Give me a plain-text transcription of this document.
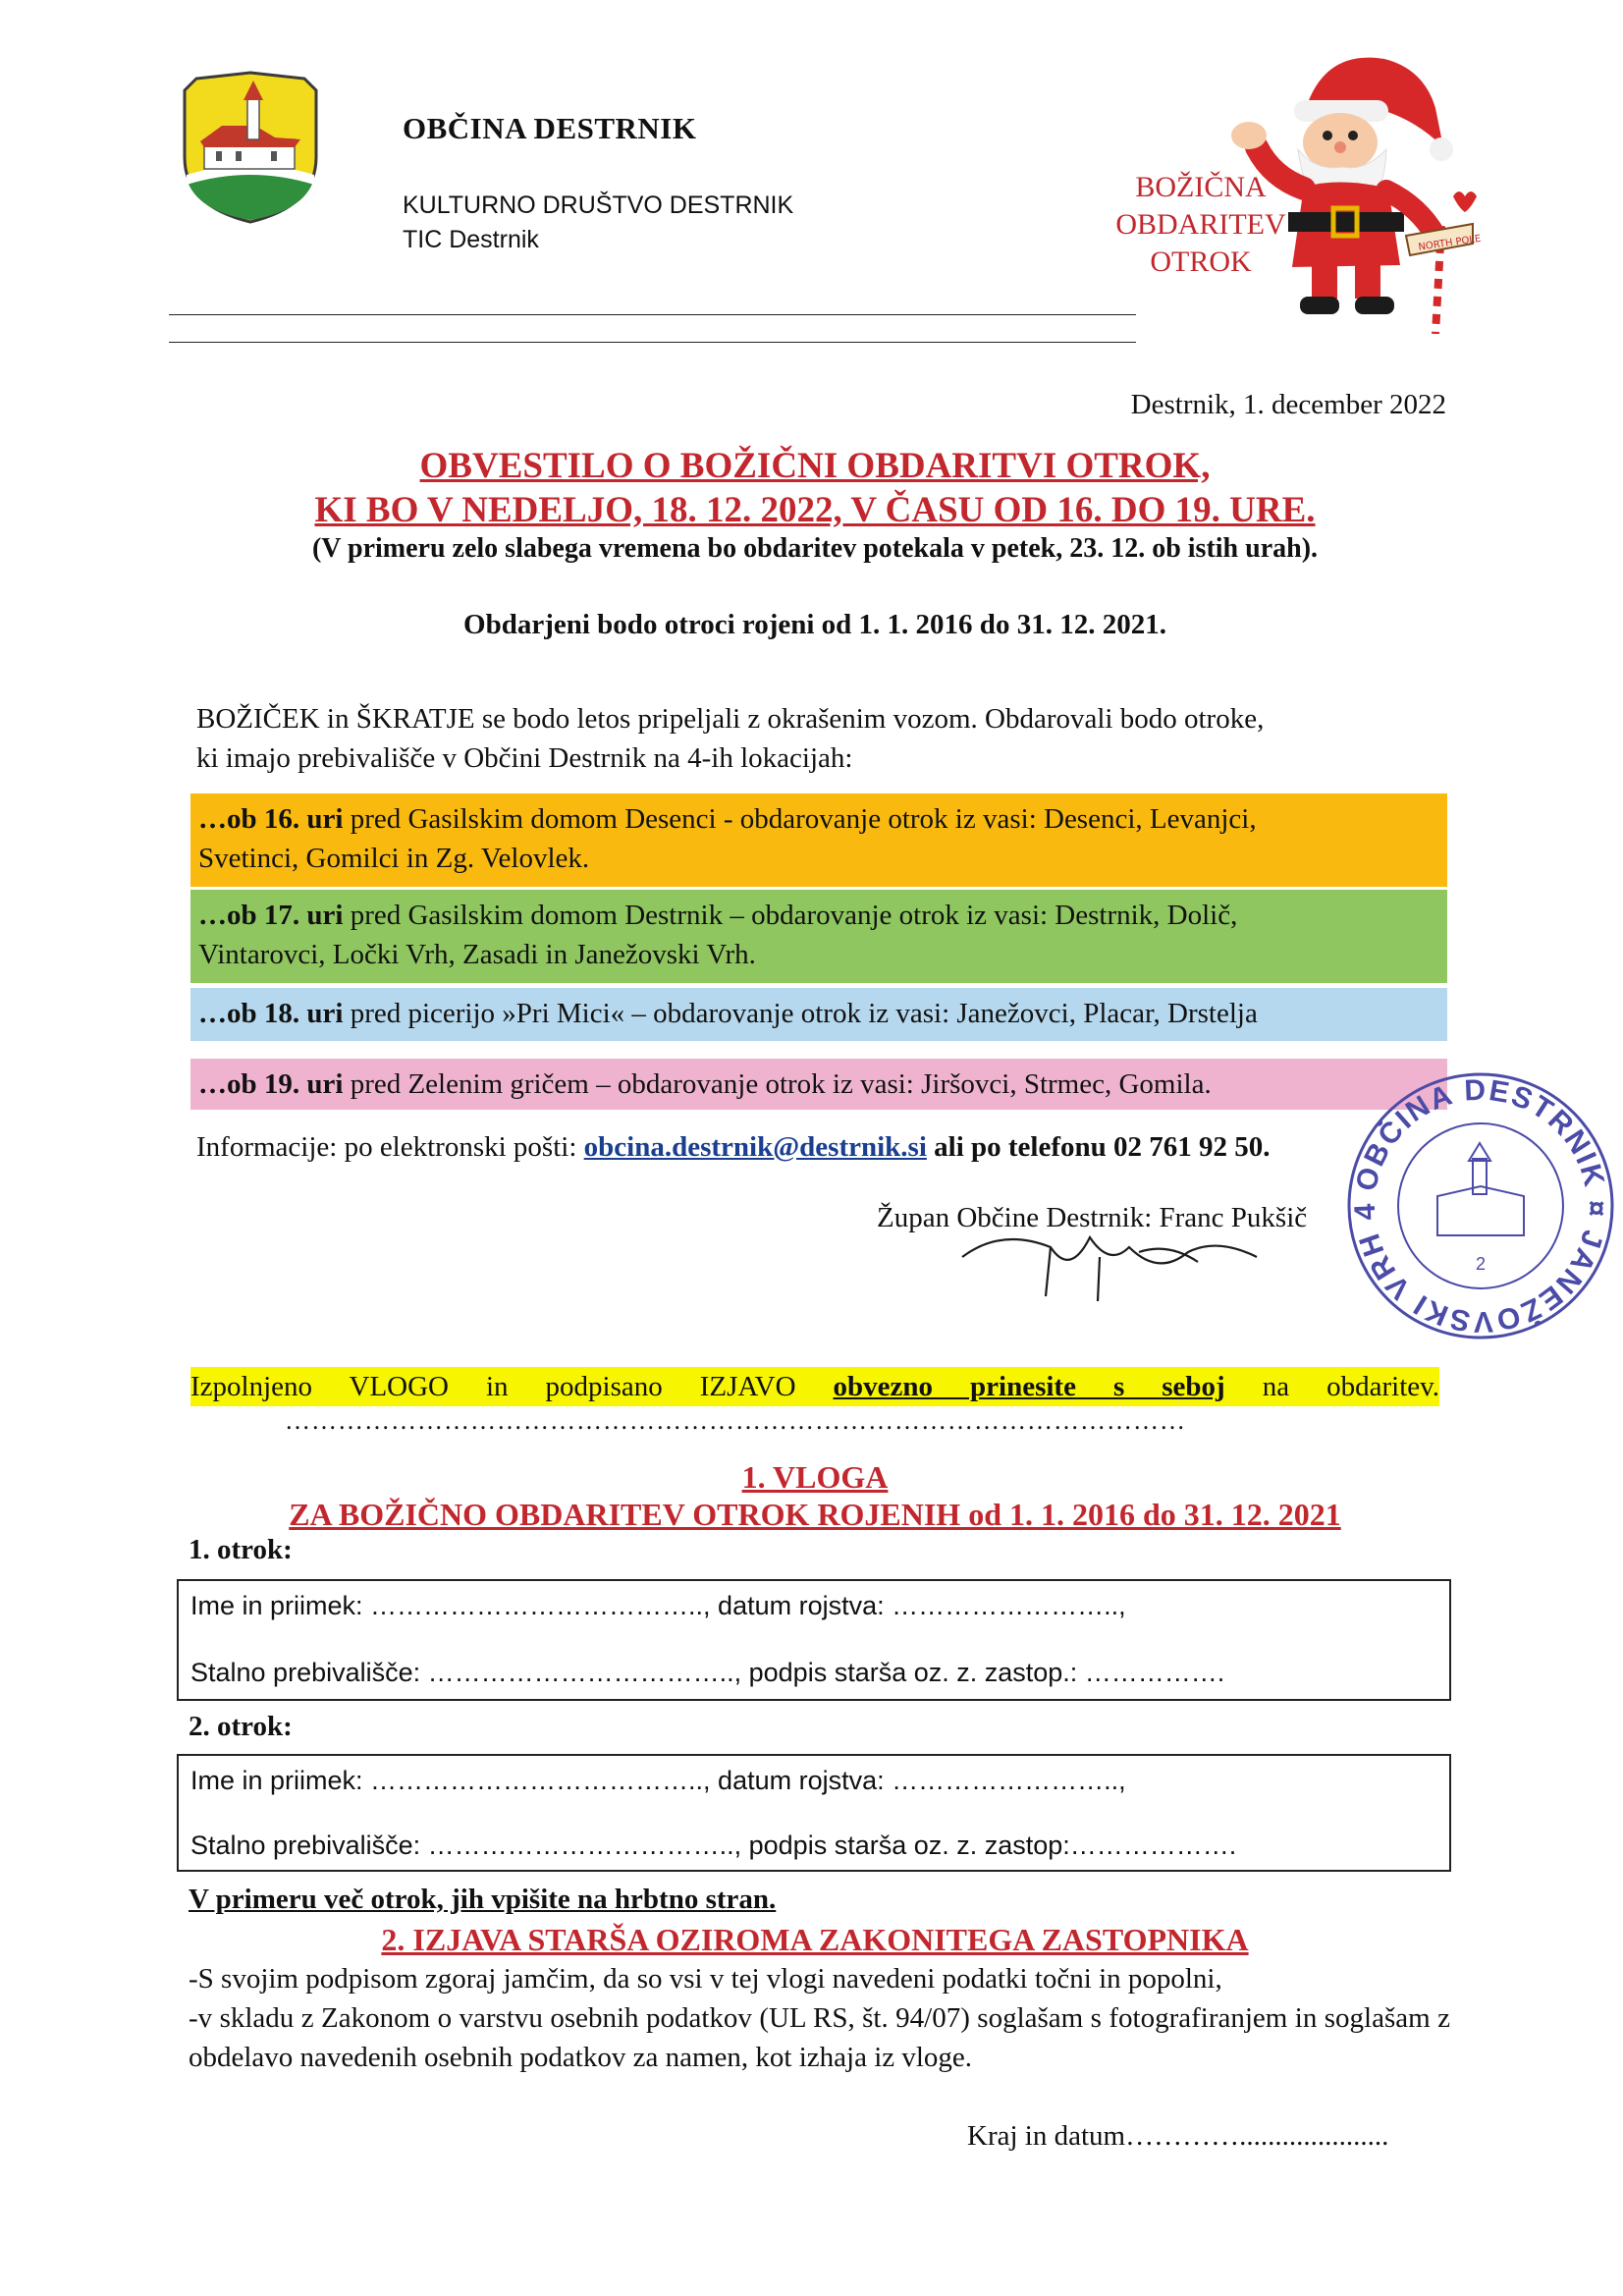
OBČINA DESTRNIK
KULTURNO DRUŠTVO DESTRNIK
TIC Destrnik	NORTH POLE
BOŽIČNA
OBDARITEV
OTROK
Destrnik, 1. december 2022
OBVESTILO O BOŽIČNI OBDARITVI OTROK,
KI BO V NEDELJO, 18. 12. 2022, V ČASU OD 16. DO 19. URE.
(V primeru zelo slabega vremena bo obdaritev potekala v petek, 23. 12. ob istih urah).
Obdarjeni bodo otroci rojeni od 1. 1. 2016 do 31. 12. 2021.
BOŽIČEK in ŠKRATJE se bodo letos pripeljali z okrašenim vozom. Obdarovali bodo otroke,
ki imajo prebivališče v Občini Destrnik na 4-ih lokacijah:
…ob 16. uri pred Gasilskim domom Desenci - obdarovanje otrok iz vasi: Desenci, Levanjci,
Svetinci, Gomilci in Zg. Velovlek.
…ob 17. uri pred Gasilskim domom Destrnik – obdarovanje otrok iz vasi: Destrnik, Dolič,
Vintarovci, Ločki Vrh, Zasadi in Janežovski Vrh.
…ob 18. uri pred picerijo »Pri Mici« – obdarovanje otrok iz vasi: Janežovci, Placar, Drstelja
…ob 19. uri pred Zelenim gričem – obdarovanje otrok iz vasi: Jiršovci, Strmec, Gomila.
Informacije: po elektronski pošti: obcina.destrnik@destrnik.si ali po telefonu 02 761 92 50.
Župan Občine Destrnik: Franc Pukšič
OBČINA DESTRNIK ¤ JANEŽOVSKI VRH 4
2
Izpolnjeno VLOGO in podpisano IZJAVO obvezno prinesite s seboj na obdaritev.
…………………………………………………………………………………………
1. VLOGA
ZA BOŽIČNO OBDARITEV OTROK ROJENIH od 1. 1. 2016 do 31. 12. 2021
1. otrok:
Ime in priimek: ……………………………….., datum rojstva: ……………………..,
Stalno prebivališče: …………………………….., podpis starša oz. z. zastop.: …………….
2. otrok:
Ime in priimek: ……………………………….., datum rojstva: ……………………..,
Stalno prebivališče: …………………………….., podpis starša oz. z. zastop:……………….
V primeru več otrok, jih vpišite na hrbtno stran.
2. IZJAVA STARŠA OZIROMA ZAKONITEGA ZASTOPNIKA
-S svojim podpisom zgoraj jamčim, da so vsi v tej vlogi navedeni podatki točni in popolni,
-v skladu z Zakonom o varstvu osebnih podatkov (UL RS, št. 94/07) soglašam s fotografiranjem in soglašam z obdelavo navedenih osebnih podatkov za namen, kot izhaja iz vloge.
Kraj in datum………….....................
